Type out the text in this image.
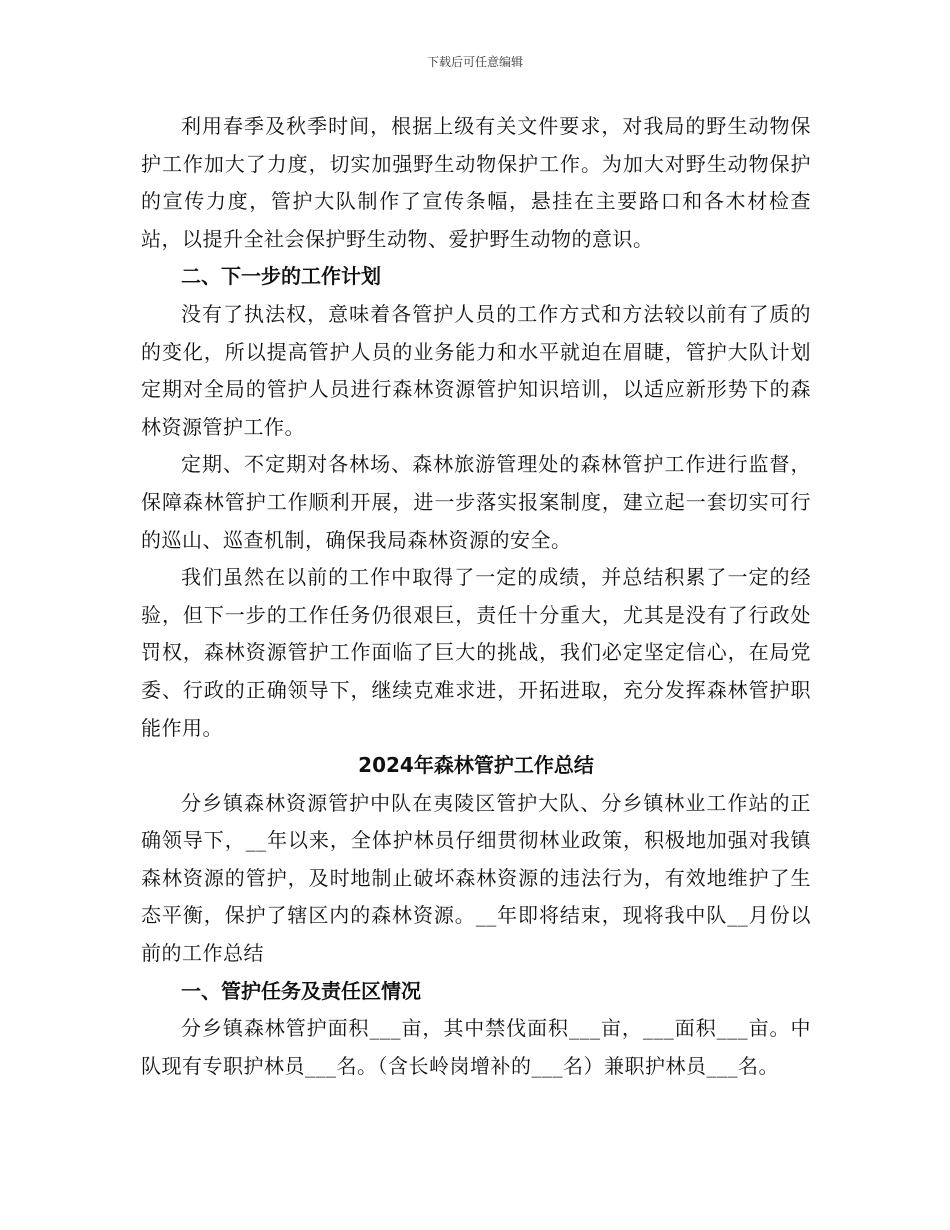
下载后可任意编辑

利用春季及秋季时间，根据上级有关文件要求，对我局的野生动物保护工作加大了力度，切实加强野生动物保护工作。为加大对野生动物保护的宣传力度，管护大队制作了宣传条幅，悬挂在主要路口和各木材检查站，以提升全社会保护野生动物、爱护野生动物的意识。

二、下一步的工作计划

没有了执法权，意味着各管护人员的工作方式和方法较以前有了质的的变化，所以提高管护人员的业务能力和水平就迫在眉睫，管护大队计划定期对全局的管护人员进行森林资源管护知识培训，以适应新形势下的森林资源管护工作。

定期、不定期对各林场、森林旅游管理处的森林管护工作进行监督，保障森林管护工作顺利开展，进一步落实报案制度，建立起一套切实可行的巡山、巡查机制，确保我局森林资源的安全。

我们虽然在以前的工作中取得了一定的成绩，并总结积累了一定的经验，但下一步的工作任务仍很艰巨，责任十分重大，尤其是没有了行政处罚权，森林资源管护工作面临了巨大的挑战，我们必定坚定信心，在局党委、行政的正确领导下，继续克难求进，开拓进取，充分发挥森林管护职能作用。

2024年森林管护工作总结

分乡镇森林资源管护中队在夷陵区管护大队、分乡镇林业工作站的正确领导下，__年以来，全体护林员仔细贯彻林业政策，积极地加强对我镇森林资源的管护，及时地制止破坏森林资源的违法行为，有效地维护了生态平衡，保护了辖区内的森林资源。__年即将结束，现将我中队__月份以前的工作总结

一、管护任务及责任区情况

分乡镇森林管护面积___亩，其中禁伐面积___亩，___面积___亩。中队现有专职护林员___名。（含长岭岗增补的___名）兼职护林员___名。
